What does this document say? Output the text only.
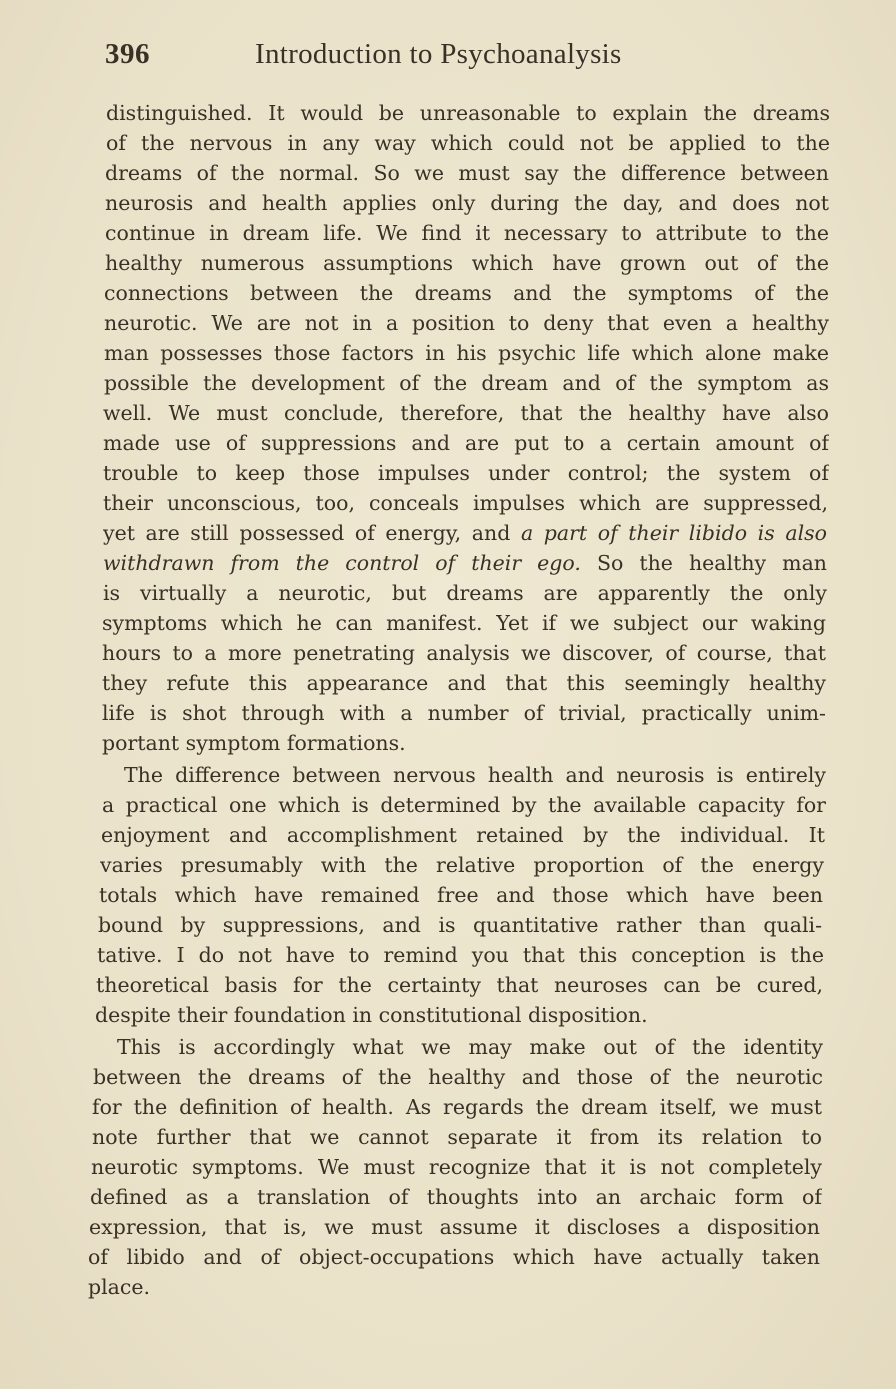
396	Introduction to Psychoanalysis
distinguished. It would be unreasonable to explain the dreams
of the nervous in any way which could not be applied to the
dreams of the normal. So we must say the difference between
neurosis and health applies only during the day, and does not
continue in dream life. We find it necessary to attribute to the
healthy numerous assumptions which have grown out of the
connections between the dreams and the symptoms of the
neurotic. We are not in a position to deny that even a healthy
man possesses those factors in his psychic life which alone make
possible the development of the dream and of the symptom as
well. We must conclude, therefore, that the healthy have also
made use of suppressions and are put to a certain amount of
trouble to keep those impulses under control; the system of
their unconscious, too, conceals impulses which are suppressed,
yet are still possessed of energy, and a part of their libido is also
withdrawn from the control of their ego. So the healthy man
is virtually a neurotic, but dreams are apparently the only
symptoms which he can manifest. Yet if we subject our waking
hours to a more penetrating analysis we discover, of course, that
they refute this appearance and that this seemingly healthy
life is shot through with a number of trivial, practically unim-
portant symptom formations.
The difference between nervous health and neurosis is entirely
a practical one which is determined by the available capacity for
enjoyment and accomplishment retained by the individual. It
varies presumably with the relative proportion of the energy
totals which have remained free and those which have been
bound by suppressions, and is quantitative rather than quali-
tative. I do not have to remind you that this conception is the
theoretical basis for the certainty that neuroses can be cured,
despite their foundation in constitutional disposition.
This is accordingly what we may make out of the identity
between the dreams of the healthy and those of the neurotic
for the definition of health. As regards the dream itself, we must
note further that we cannot separate it from its relation to
neurotic symptoms. We must recognize that it is not completely
defined as a translation of thoughts into an archaic form of
expression, that is, we must assume it discloses a disposition
of libido and of object-occupations which have actually taken
place.
